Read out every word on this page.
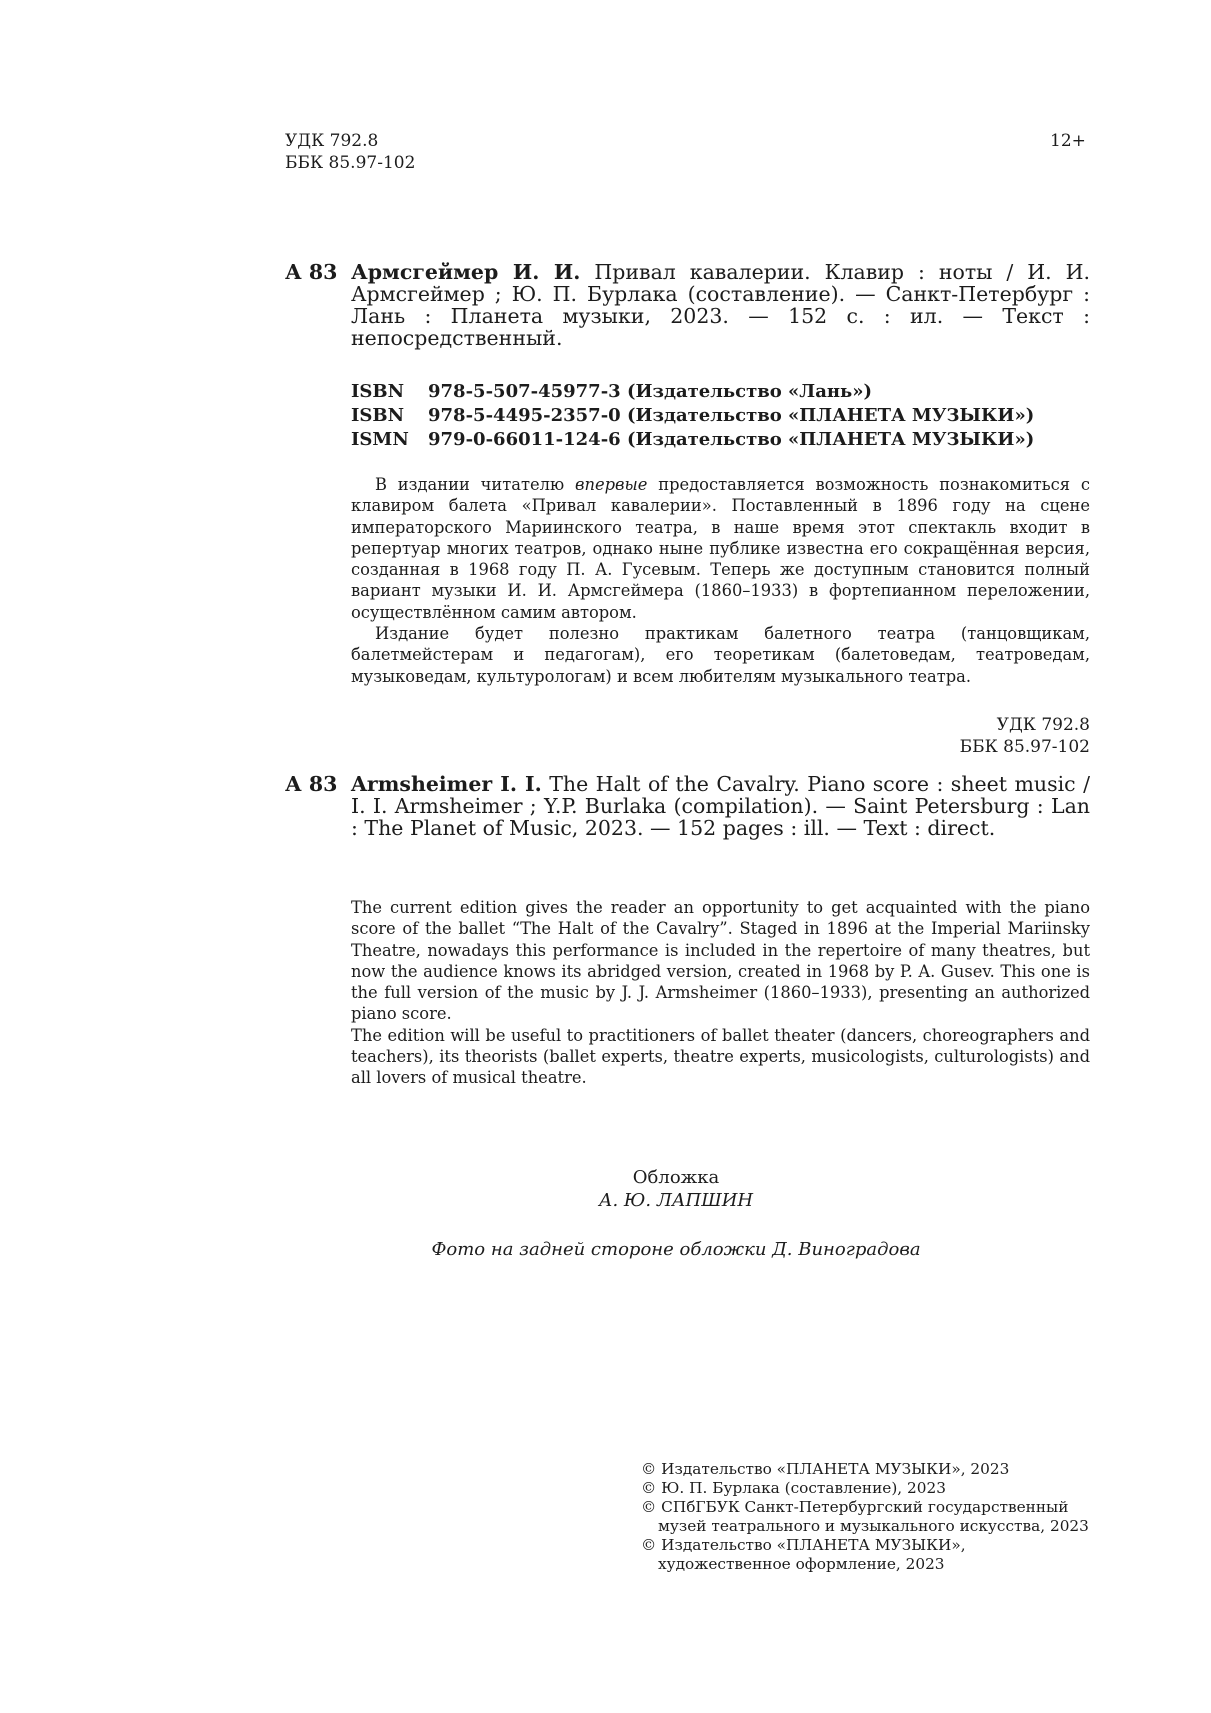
УДК 792.8
ББК 85.97-102
12+
А 83 Армсгеймер И. И. Привал кавалерии. Клавир : ноты / И. И. Армсгеймер ; Ю. П. Бурлака (составление). — Санкт-Петербург : Лань : Планета музыки, 2023. — 152 с. : ил. — Текст : непосредственный.
ISBN 978-5-507-45977-3 (Издательство «Лань»)
ISBN 978-5-4495-2357-0 (Издательство «ПЛАНЕТА МУЗЫКИ»)
ISMN 979-0-66011-124-6 (Издательство «ПЛАНЕТА МУЗЫКИ»)

В издании читателю впервые предоставляется возможность познакомиться с клавиром балета «Привал кавалерии». Поставленный в 1896 году на сцене императорского Мариинского театра, в наше время этот спектакль входит в репертуар многих театров, однако ныне публике известна его сокращённая версия, созданная в 1968 году П. А. Гусевым. Теперь же доступным становится полный вариант музыки И. И. Армсгеймера (1860–1933) в фортепианном переложении, осуществлённом самим автором.

Издание будет полезно практикам балетного театра (танцовщикам, балетмейстерам и педагогам), его теоретикам (балетоведам, театроведам, музыковедам, культурологам) и всем любителям музыкального театра.

УДК 792.8
ББК 85.97-102
А 83 Armsheimer I. I. The Halt of the Cavalry. Piano score : sheet music / I. I. Armsheimer ; Y.P. Burlaka (compilation). — Saint Petersburg : Lan : The Planet of Music, 2023. — 152 pages : ill. — Text : direct.

The current edition gives the reader an opportunity to get acquainted with the piano score of the ballet “The Halt of the Cavalry”. Staged in 1896 at the Imperial Mariinsky Theatre, nowadays this performance is included in the repertoire of many theatres, but now the audience knows its abridged version, created in 1968 by P. A. Gusev. This one is the full version of the music by J. J. Armsheimer (1860–1933), presenting an authorized piano score.

The edition will be useful to practitioners of ballet theater (dancers, choreographers and teachers), its theorists (ballet experts, theatre experts, musicologists, culturologists) and all lovers of musical theatre.

Обложка
А. Ю. ЛАПШИН
Фото на задней стороне обложки Д. Виноградова
© Издательство «ПЛАНЕТА МУЗЫКИ», 2023
© Ю. П. Бурлака (составление), 2023
© СПбГБУК Санкт-Петербургский государственный музей театрального и музыкального искусства, 2023
© Издательство «ПЛАНЕТА МУЗЫКИ», художественное оформление, 2023
